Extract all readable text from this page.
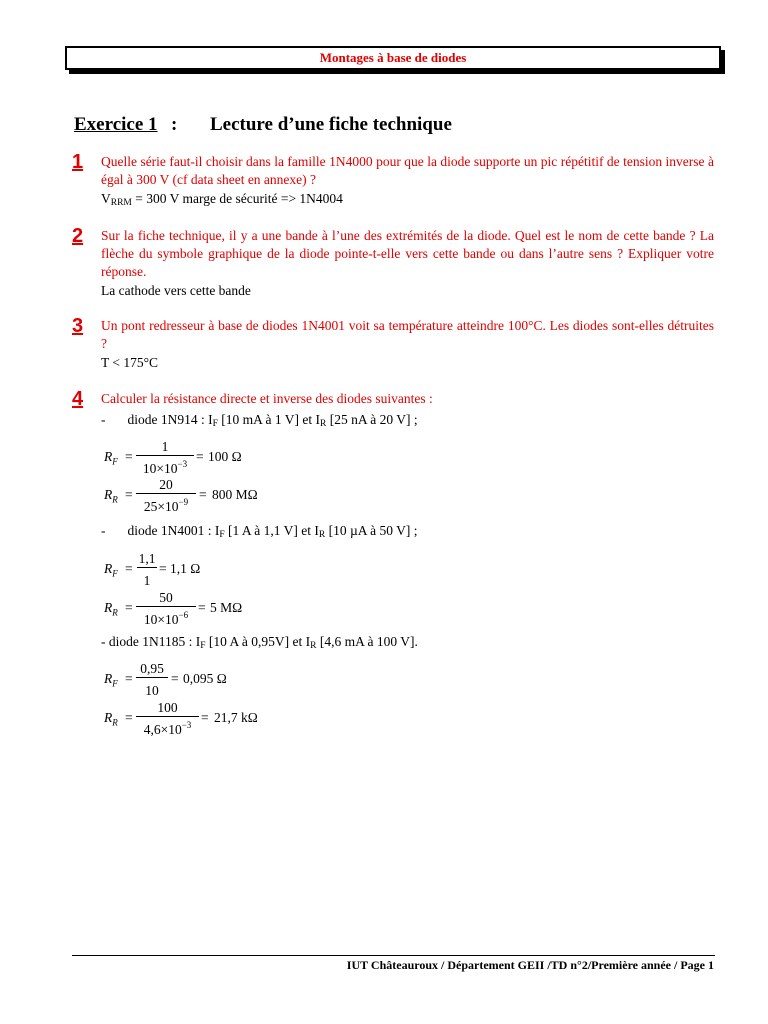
Montages à base de diodes
Exercice 1 : Lecture d’une fiche technique
1 Quelle série faut-il choisir dans la famille 1N4000 pour que la diode supporte un pic répétitif de tension inverse à égal à 300 V (cf data sheet en annexe) ?
$V_{RRM} = 300$ V marge de sécurité => 1N4004
2 Sur la fiche technique, il y a une bande à l’une des extrémités de la diode. Quel est le nom de cette bande ? La flèche du symbole graphique de la diode pointe-t-elle vers cette bande ou dans l’autre sens ? Expliquer votre réponse.
La cathode vers cette bande
3 Un pont redresseur à base de diodes 1N4001 voit sa température atteindre 100°C. Les diodes sont-elles détruites ?
T < 175°C
4 Calculer la résistance directe et inverse des diodes suivantes :
- diode 1N914 : $I_F$ [10 mA à 1 V] et $I_R$ [25 nA à 20 V] ;
$R_F$ =
1
$10\times 10^{-3} = 100$ Ω
$R_R$ =
20
$25\times 10^{-9} = 800$ MΩ
- diode 1N4001 : $I_F$ [1 A à 1,1 V] et $I_R$ [10 µA à 50 V] ;
$R_F$ =
1,1
1
= 1,1 Ω
$R_R$ =
50
$10\times 10^{-6} = 5$ MΩ
- diode 1N1185 : $I_F$ [10 A à 0,95V] et $I_R$ [4,6 mA à 100 V].
$R_F$ =
0,95
10
= 0,095 Ω
$R_R$ =
100
$4,6\times 10^{-3} = 21,7$ kΩ
IUT Châteauroux / Département GEII /TD n°2/Première année / Page 1
